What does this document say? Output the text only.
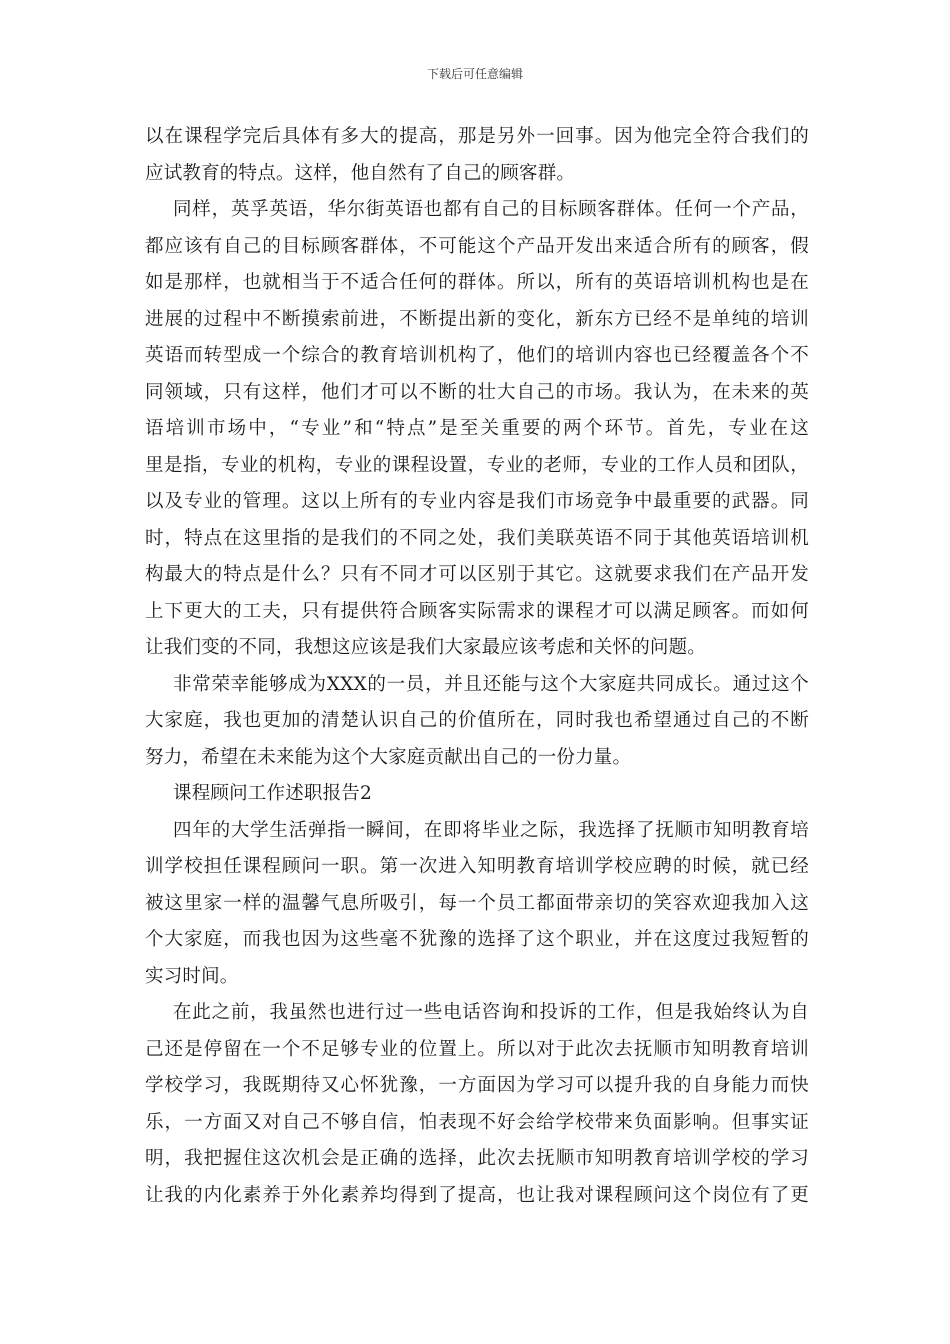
下载后可任意编辑
以在课程学完后具体有多大的提高，那是另外一回事。因为他完全符合我们的
应试教育的特点。这样，他自然有了自己的顾客群。
同样，英孚英语，华尔街英语也都有自己的目标顾客群体。任何一个产品，
都应该有自己的目标顾客群体，不可能这个产品开发出来适合所有的顾客，假
如是那样，也就相当于不适合任何的群体。所以，所有的英语培训机构也是在
进展的过程中不断摸索前进，不断提出新的变化，新东方已经不是单纯的培训
英语而转型成一个综合的教育培训机构了，他们的培训内容也已经覆盖各个不
同领域，只有这样，他们才可以不断的壮大自己的市场。我认为，在未来的英
语培训市场中，“专业”和“特点”是至关重要的两个环节。首先，专业在这
里是指，专业的机构，专业的课程设置，专业的老师，专业的工作人员和团队，
以及专业的管理。这以上所有的专业内容是我们市场竞争中最重要的武器。同
时，特点在这里指的是我们的不同之处，我们美联英语不同于其他英语培训机
构最大的特点是什么？只有不同才可以区别于其它。这就要求我们在产品开发
上下更大的工夫，只有提供符合顾客实际需求的课程才可以满足顾客。而如何
让我们变的不同，我想这应该是我们大家最应该考虑和关怀的问题。
非常荣幸能够成为XXX的一员，并且还能与这个大家庭共同成长。通过这个
大家庭，我也更加的清楚认识自己的价值所在，同时我也希望通过自己的不断
努力，希望在未来能为这个大家庭贡献出自己的一份力量。
课程顾问工作述职报告2
四年的大学生活弹指一瞬间，在即将毕业之际，我选择了抚顺市知明教育培
训学校担任课程顾问一职。第一次进入知明教育培训学校应聘的时候，就已经
被这里家一样的温馨气息所吸引，每一个员工都面带亲切的笑容欢迎我加入这
个大家庭，而我也因为这些毫不犹豫的选择了这个职业，并在这度过我短暂的
实习时间。
在此之前，我虽然也进行过一些电话咨询和投诉的工作，但是我始终认为自
己还是停留在一个不足够专业的位置上。所以对于此次去抚顺市知明教育培训
学校学习，我既期待又心怀犹豫，一方面因为学习可以提升我的自身能力而快
乐，一方面又对自己不够自信，怕表现不好会给学校带来负面影响。但事实证
明，我把握住这次机会是正确的选择，此次去抚顺市知明教育培训学校的学习
让我的内化素养于外化素养均得到了提高，也让我对课程顾问这个岗位有了更
